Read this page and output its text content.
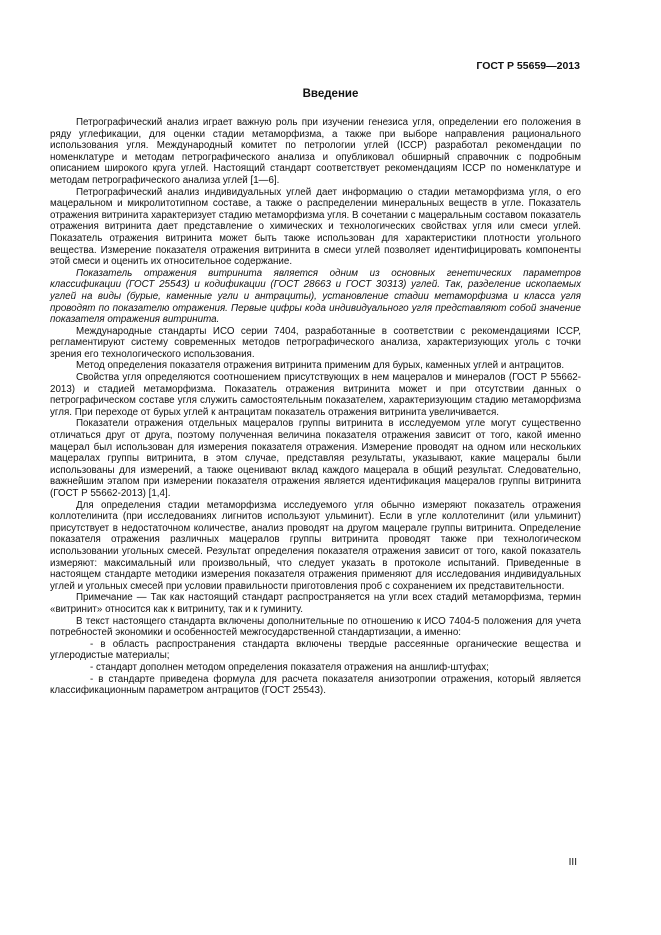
ГОСТ Р 55659—2013
Введение

Петрографический анализ играет важную роль при изучении генезиса угля, определении его положения в ряду углефикации, для оценки стадии метаморфизма, а также при выборе направления рационального использования угля. Международный комитет по петрологии углей (ICCP) разработал рекомендации по номенклатуре и методам петрографического анализа и опубликовал обширный справочник с подробным описанием широкого круга углей. Настоящий стандарт соответствует рекомендациям ICCP по номенклатуре и методам петрографического анализа углей [1—6].

Петрографический анализ индивидуальных углей дает информацию о стадии метаморфизма угля, о его мацеральном и микролитотипном составе, а также о распределении минеральных веществ в угле. Показатель отражения витринита характеризует стадию метаморфизма угля. В сочетании с мацеральным составом показатель отражения витринита дает представление о химических и технологических свойствах угля или смеси углей. Показатель отражения витринита может быть также использован для характеристики плотности угольного вещества. Измерение показателя отражения витринита в смеси углей позволяет идентифицировать компоненты этой смеси и оценить их относительное содержание.

Показатель отражения витринита является одним из основных генетических параметров классификации (ГОСТ 25543) и кодификации (ГОСТ 28663 и ГОСТ 30313) углей. Так, разделение ископаемых углей на виды (бурые, каменные угли и антрациты), установление стадии метаморфизма и класса угля проводят по показателю отражения. Первые цифры кода индивидуального угля представляют собой значение показателя отражения витринита.

Международные стандарты ИСО серии 7404, разработанные в соответствии с рекомендациями ICCP, регламентируют систему современных методов петрографического анализа, характеризующих уголь с точки зрения его технологического использования.

Метод определения показателя отражения витринита применим для бурых, каменных углей и антрацитов.

Свойства угля определяются соотношением присутствующих в нем мацералов и минералов (ГОСТ Р 55662-2013) и стадией метаморфизма. Показатель отражения витринита может и при отсутствии данных о петрографическом составе угля служить самостоятельным показателем, характеризующим стадию метаморфизма угля. При переходе от бурых углей к антрацитам показатель отражения витринита увеличивается.

Показатели отражения отдельных мацералов группы витринита в исследуемом угле могут существенно отличаться друг от друга, поэтому полученная величина показателя отражения зависит от того, какой именно мацерал был использован для измерения показателя отражения. Измерение проводят на одном или нескольких мацералах группы витринита, в этом случае, представляя результаты, указывают, какие мацералы были использованы для измерений, а также оценивают вклад каждого мацерала в общий результат. Следовательно, важнейшим этапом при измерении показателя отражения является идентификация мацералов группы витринита (ГОСТ Р 55662-2013) [1,4].

Для определения стадии метаморфизма исследуемого угля обычно измеряют показатель отражения коллотелинита (при исследованиях лигнитов используют ульминит). Если в угле коллотелинит (или ульминит) присутствует в недостаточном количестве, анализ проводят на другом мацерале группы витринита. Определение показателя отражения различных мацералов группы витринита проводят также при технологическом использовании угольных смесей. Результат определения показателя отражения зависит от того, какой показатель измеряют: максимальный или произвольный, что следует указать в протоколе испытаний. Приведенные в настоящем стандарте методики измерения показателя отражения применяют для исследования индивидуальных углей и угольных смесей при условии правильности приготовления проб с сохранением их представительности.

Примечание — Так как настоящий стандарт распространяется на угли всех стадий метаморфизма, термин «витринит» относится как к витриниту, так и к гуминиту.

В текст настоящего стандарта включены дополнительные по отношению к ИСО 7404-5 положения для учета потребностей экономики и особенностей межгосударственной стандартизации, а именно:

- в область распространения стандарта включены твердые рассеянные органические вещества и углеродистые материалы;

- стандарт дополнен методом определения показателя отражения на аншлиф-штуфах;

- в стандарте приведена формула для расчета показателя анизотропии отражения, который является классификационным параметром антрацитов (ГОСТ 25543).

III
